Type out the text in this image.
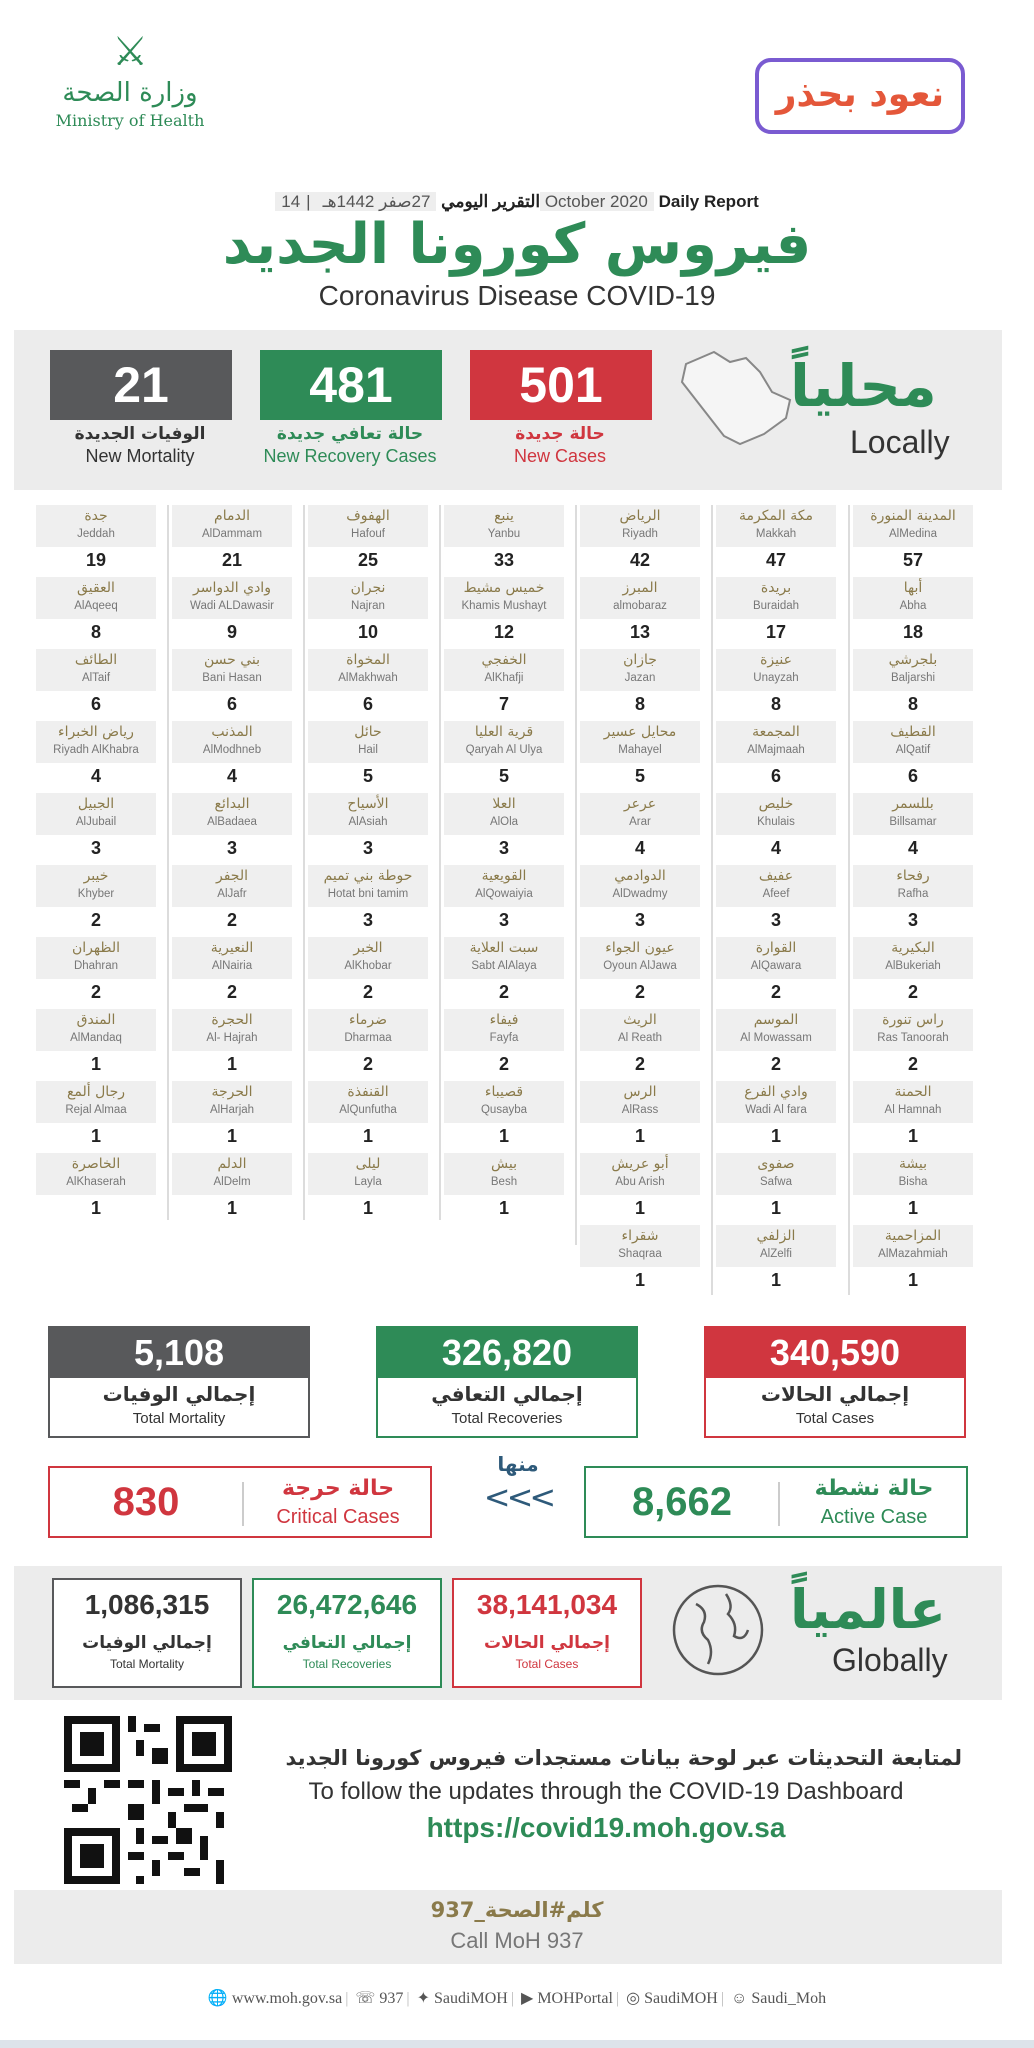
⚔
وزارة الصحة
Ministry of Health
نعود بحذر
التقرير اليومي 27صفر 1442هـ|14 October 2020 Daily Report
فيروس كورونا الجديد
Coronavirus Disease COVID-19
21
الوفيات الجديدة
New Mortality
481
حالة تعافي جديدة
New Recovery Cases
501
حالة جديدة
New Cases
محلياً
Locally
المدينة المنورة
AlMedina
57
أبها
Abha
18
بلجرشي
Baljarshi
8
القطيف
AlQatif
6
بللسمر
Billsamar
4
رفحاء
Rafha
3
البكيرية
AlBukeriah
2
راس تنورة
Ras Tanoorah
2
الحمنة
Al Hamnah
1
بيشة
Bisha
1
المزاحمية
AlMazahmiah
1
مكة المكرمة
Makkah
47
بريدة
Buraidah
17
عنيزة
Unayzah
8
المجمعة
AlMajmaah
6
خليص
Khulais
4
عفيف
Afeef
3
القوارة
AlQawara
2
الموسم
Al Mowassam
2
وادي الفرع
Wadi Al fara
1
صفوى
Safwa
1
الزلفي
AlZelfi
1
الرياض
Riyadh
42
المبرز
almobaraz
13
جازان
Jazan
8
محايل عسير
Mahayel
5
عرعر
Arar
4
الدوادمي
AlDwadmy
3
عيون الجواء
Oyoun AlJawa
2
الريث
Al Reath
2
الرس
AlRass
1
أبو عريش
Abu Arish
1
شقراء
Shaqraa
1
ينبع
Yanbu
33
خميس مشيط
Khamis Mushayt
12
الخفجي
AlKhafji
7
قرية العليا
Qaryah Al Ulya
5
العلا
AlOla
3
القويعية
AlQowaiyia
3
سبت العلاية
Sabt AlAlaya
2
فيفاء
Fayfa
2
قصيباء
Qusayba
1
بيش
Besh
1
الهفوف
Hafouf
25
نجران
Najran
10
المخواة
AlMakhwah
6
حائل
Hail
5
الأسياح
AlAsiah
3
حوطة بني تميم
Hotat bni tamim
3
الخبر
AlKhobar
2
ضرماء
Dharmaa
2
القنفذة
AlQunfutha
1
ليلى
Layla
1
الدمام
AlDammam
21
وادي الدواسر
Wadi ALDawasir
9
بني حسن
Bani Hasan
6
المذنب
AlModhneb
4
البدائع
AlBadaea
3
الجفر
AlJafr
2
النعيرية
AlNairia
2
الحجرة
Al- Hajrah
1
الحرجة
AlHarjah
1
الدلم
AlDelm
1
جدة
Jeddah
19
العقيق
AlAqeeq
8
الطائف
AlTaif
6
رياض الخبراء
Riyadh AlKhabra
4
الجبيل
AlJubail
3
خيبر
Khyber
2
الظهران
Dhahran
2
المندق
AlMandaq
1
رجال ألمع
Rejal Almaa
1
الخاصرة
AlKhaserah
1
5,108
إجمالي الوفيات
Total Mortality
326,820
إجمالي التعافي
Total Recoveries
340,590
إجمالي الحالات
Total Cases
830	حالة حرجة
Critical Cases
منها
<<<	8,662	حالة نشطة
Active Case
1,086,315
إجمالي الوفيات
Total Mortality
26,472,646
إجمالي التعافي
Total Recoveries
38,141,034
إجمالي الحالات
Total Cases
عالمياً
Globally
لمتابعة التحديثات عبر لوحة بيانات مستجدات فيروس كورونا الجديد
To follow the updates through the COVID-19 Dashboard
https://covid19.moh.gov.sa
كلم#الصحة_937
Call MoH 937
🌐 www.moh.gov.sa | ☏ 937 | ✦ SaudiMOH | ▶ MOHPortal | ◎ SaudiMOH | ☺ Saudi_Moh
